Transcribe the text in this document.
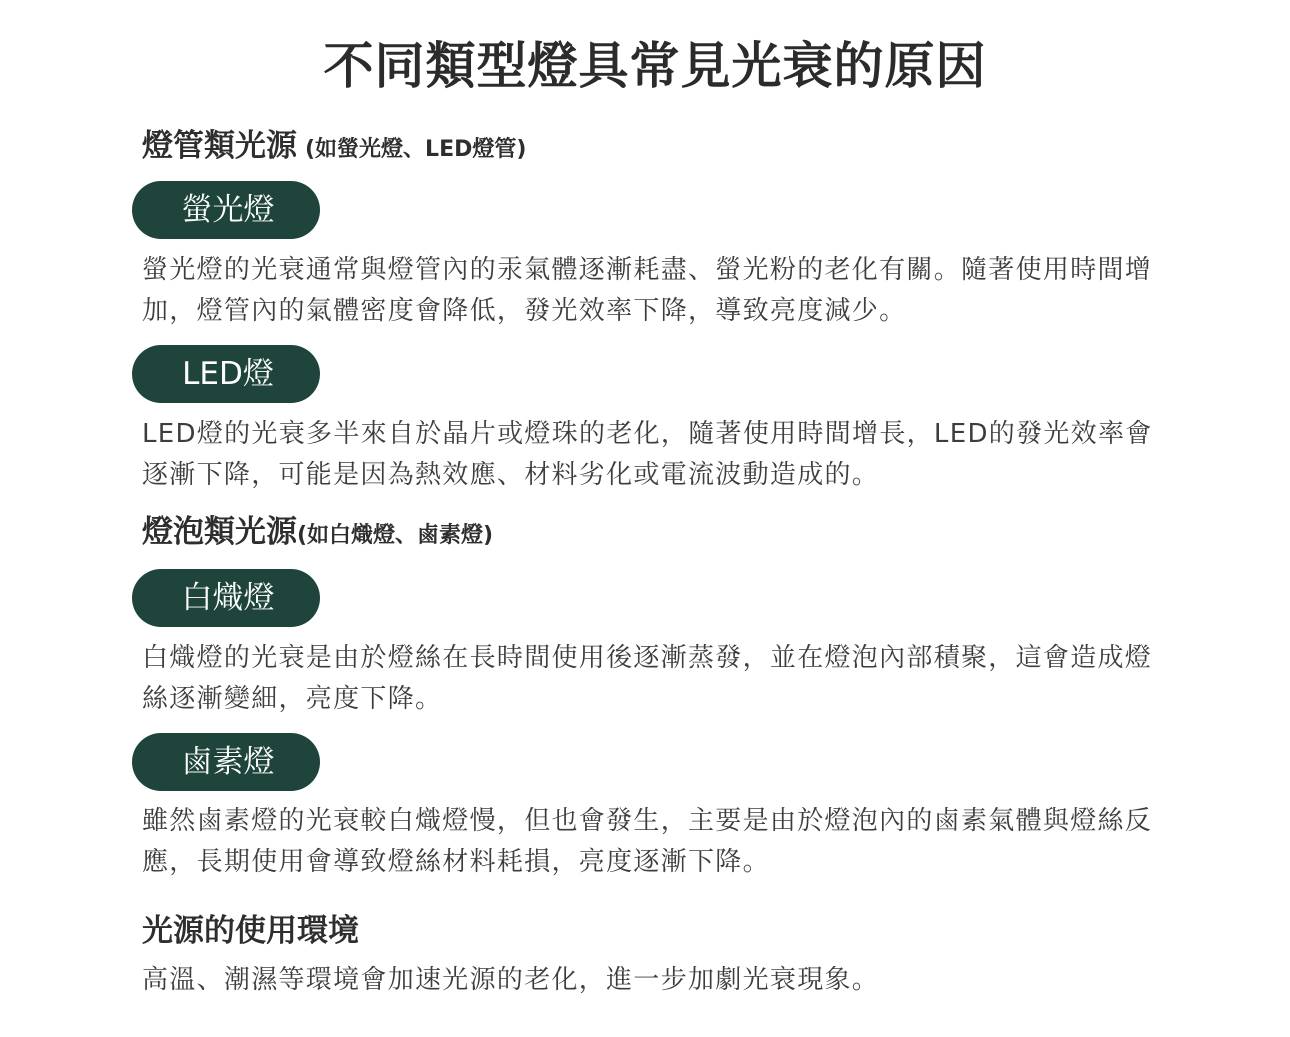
不同類型燈具常見光衰的原因
燈管類光源 (如螢光燈、LED燈管)
螢光燈

螢光燈的光衰通常與燈管內的汞氣體逐漸耗盡、螢光粉的老化有關。隨著使用時間增加，燈管內的氣體密度會降低，發光效率下降，導致亮度減少。

LED燈

LED燈的光衰多半來自於晶片或燈珠的老化，隨著使用時間增長，LED的發光效率會逐漸下降，可能是因為熱效應、材料劣化或電流波動造成的。

燈泡類光源(如白熾燈、鹵素燈)
白熾燈

白熾燈的光衰是由於燈絲在長時間使用後逐漸蒸發，並在燈泡內部積聚，這會造成燈絲逐漸變細，亮度下降。

鹵素燈

雖然鹵素燈的光衰較白熾燈慢，但也會發生，主要是由於燈泡內的鹵素氣體與燈絲反應，長期使用會導致燈絲材料耗損，亮度逐漸下降。

光源的使用環境

高溫、潮濕等環境會加速光源的老化，進一步加劇光衰現象。
